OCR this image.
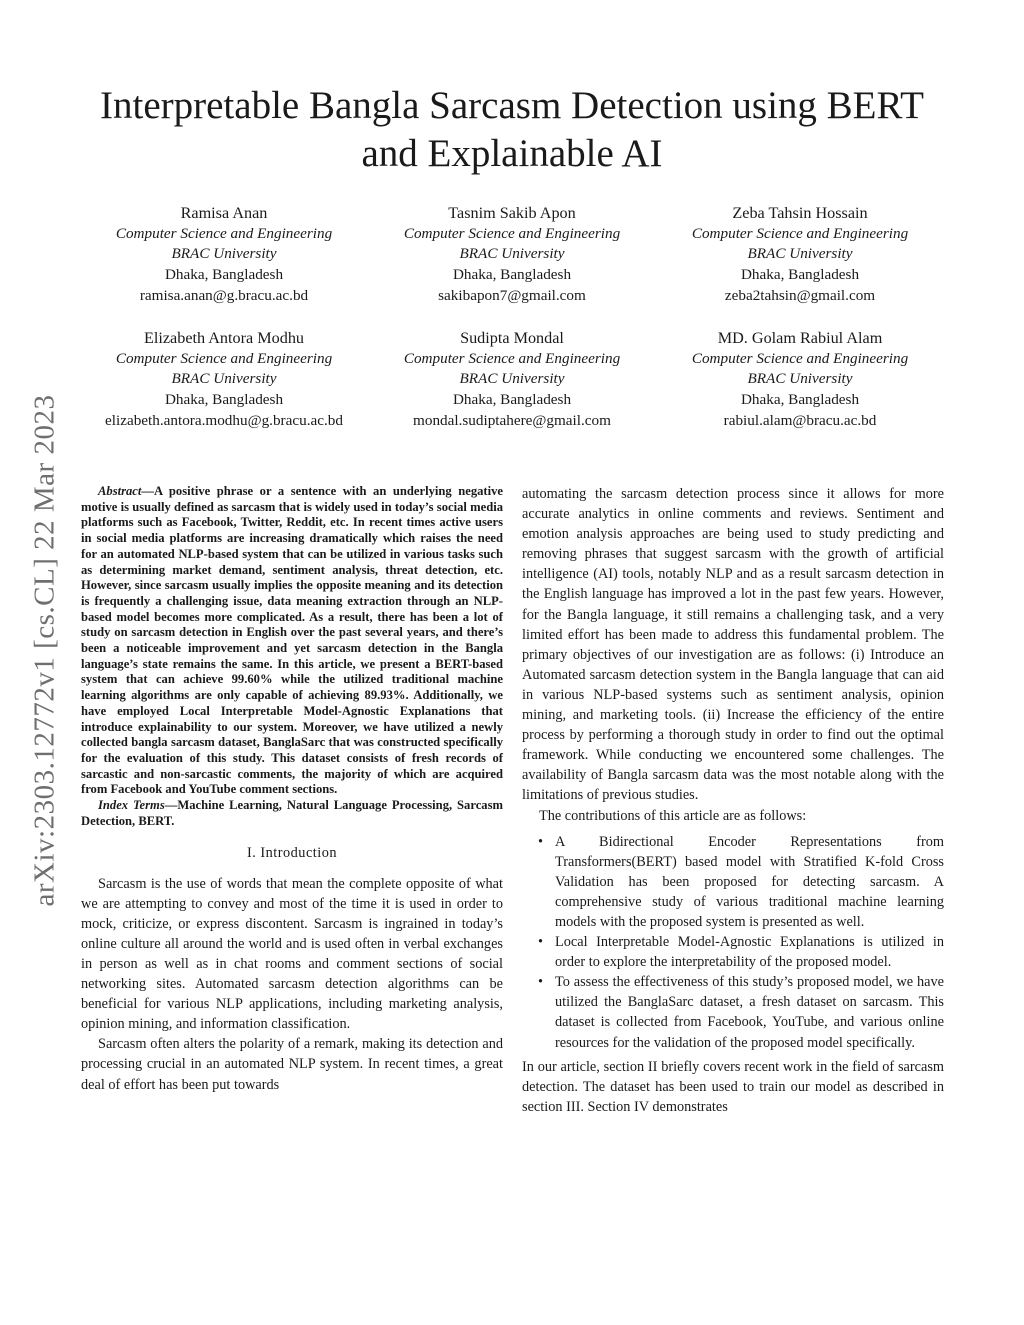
arXiv:2303.12772v1 [cs.CL] 22 Mar 2023
Interpretable Bangla Sarcasm Detection using BERT and Explainable AI
Ramisa Anan
Computer Science and Engineering
BRAC University
Dhaka, Bangladesh
ramisa.anan@g.bracu.ac.bd
Tasnim Sakib Apon
Computer Science and Engineering
BRAC University
Dhaka, Bangladesh
sakibapon7@gmail.com
Zeba Tahsin Hossain
Computer Science and Engineering
BRAC University
Dhaka, Bangladesh
zeba2tahsin@gmail.com
Elizabeth Antora Modhu
Computer Science and Engineering
BRAC University
Dhaka, Bangladesh
elizabeth.antora.modhu@g.bracu.ac.bd
Sudipta Mondal
Computer Science and Engineering
BRAC University
Dhaka, Bangladesh
mondal.sudiptahere@gmail.com
MD. Golam Rabiul Alam
Computer Science and Engineering
BRAC University
Dhaka, Bangladesh
rabiul.alam@bracu.ac.bd

Abstract—A positive phrase or a sentence with an underlying negative motive is usually defined as sarcasm that is widely used in today’s social media platforms such as Facebook, Twitter, Reddit, etc. In recent times active users in social media platforms are increasing dramatically which raises the need for an automated NLP-based system that can be utilized in various tasks such as determining market demand, sentiment analysis, threat detection, etc. However, since sarcasm usually implies the opposite meaning and its detection is frequently a challenging issue, data meaning extraction through an NLP-based model becomes more complicated. As a result, there has been a lot of study on sarcasm detection in English over the past several years, and there’s been a noticeable improvement and yet sarcasm detection in the Bangla language’s state remains the same. In this article, we present a BERT-based system that can achieve 99.60% while the utilized traditional machine learning algorithms are only capable of achieving 89.93%. Additionally, we have employed Local Interpretable Model-Agnostic Explanations that introduce explainability to our system. Moreover, we have utilized a newly collected bangla sarcasm dataset, BanglaSarc that was constructed specifically for the evaluation of this study. This dataset consists of fresh records of sarcastic and non-sarcastic comments, the majority of which are acquired from Facebook and YouTube comment sections.

Index Terms—Machine Learning, Natural Language Processing, Sarcasm Detection, BERT.

I. Introduction

Sarcasm is the use of words that mean the complete opposite of what we are attempting to convey and most of the time it is used in order to mock, criticize, or express discontent. Sarcasm is ingrained in today’s online culture all around the world and is used often in verbal exchanges in person as well as in chat rooms and comment sections of social networking sites. Automated sarcasm detection algorithms can be beneficial for various NLP applications, including marketing analysis, opinion mining, and information classification.

Sarcasm often alters the polarity of a remark, making its detection and processing crucial in an automated NLP system. In recent times, a great deal of effort has been put towards

automating the sarcasm detection process since it allows for more accurate analytics in online comments and reviews. Sentiment and emotion analysis approaches are being used to study predicting and removing phrases that suggest sarcasm with the growth of artificial intelligence (AI) tools, notably NLP and as a result sarcasm detection in the English language has improved a lot in the past few years. However, for the Bangla language, it still remains a challenging task, and a very limited effort has been made to address this fundamental problem. The primary objectives of our investigation are as follows: (i) Introduce an Automated sarcasm detection system in the Bangla language that can aid in various NLP-based systems such as sentiment analysis, opinion mining, and marketing tools. (ii) Increase the efficiency of the entire process by performing a thorough study in order to find out the optimal framework. While conducting we encountered some challenges. The availability of Bangla sarcasm data was the most notable along with the limitations of previous studies.

The contributions of this article are as follows:

• A Bidirectional Encoder Representations from Transformers(BERT) based model with Stratified K-fold Cross Validation has been proposed for detecting sarcasm. A comprehensive study of various traditional machine learning models with the proposed system is presented as well.
• Local Interpretable Model-Agnostic Explanations is utilized in order to explore the interpretability of the proposed model.
• To assess the effectiveness of this study’s proposed model, we have utilized the BanglaSarc dataset, a fresh dataset on sarcasm. This dataset is collected from Facebook, YouTube, and various online resources for the validation of the proposed model specifically.

In our article, section II briefly covers recent work in the field of sarcasm detection. The dataset has been used to train our model as described in section III. Section IV demonstrates
